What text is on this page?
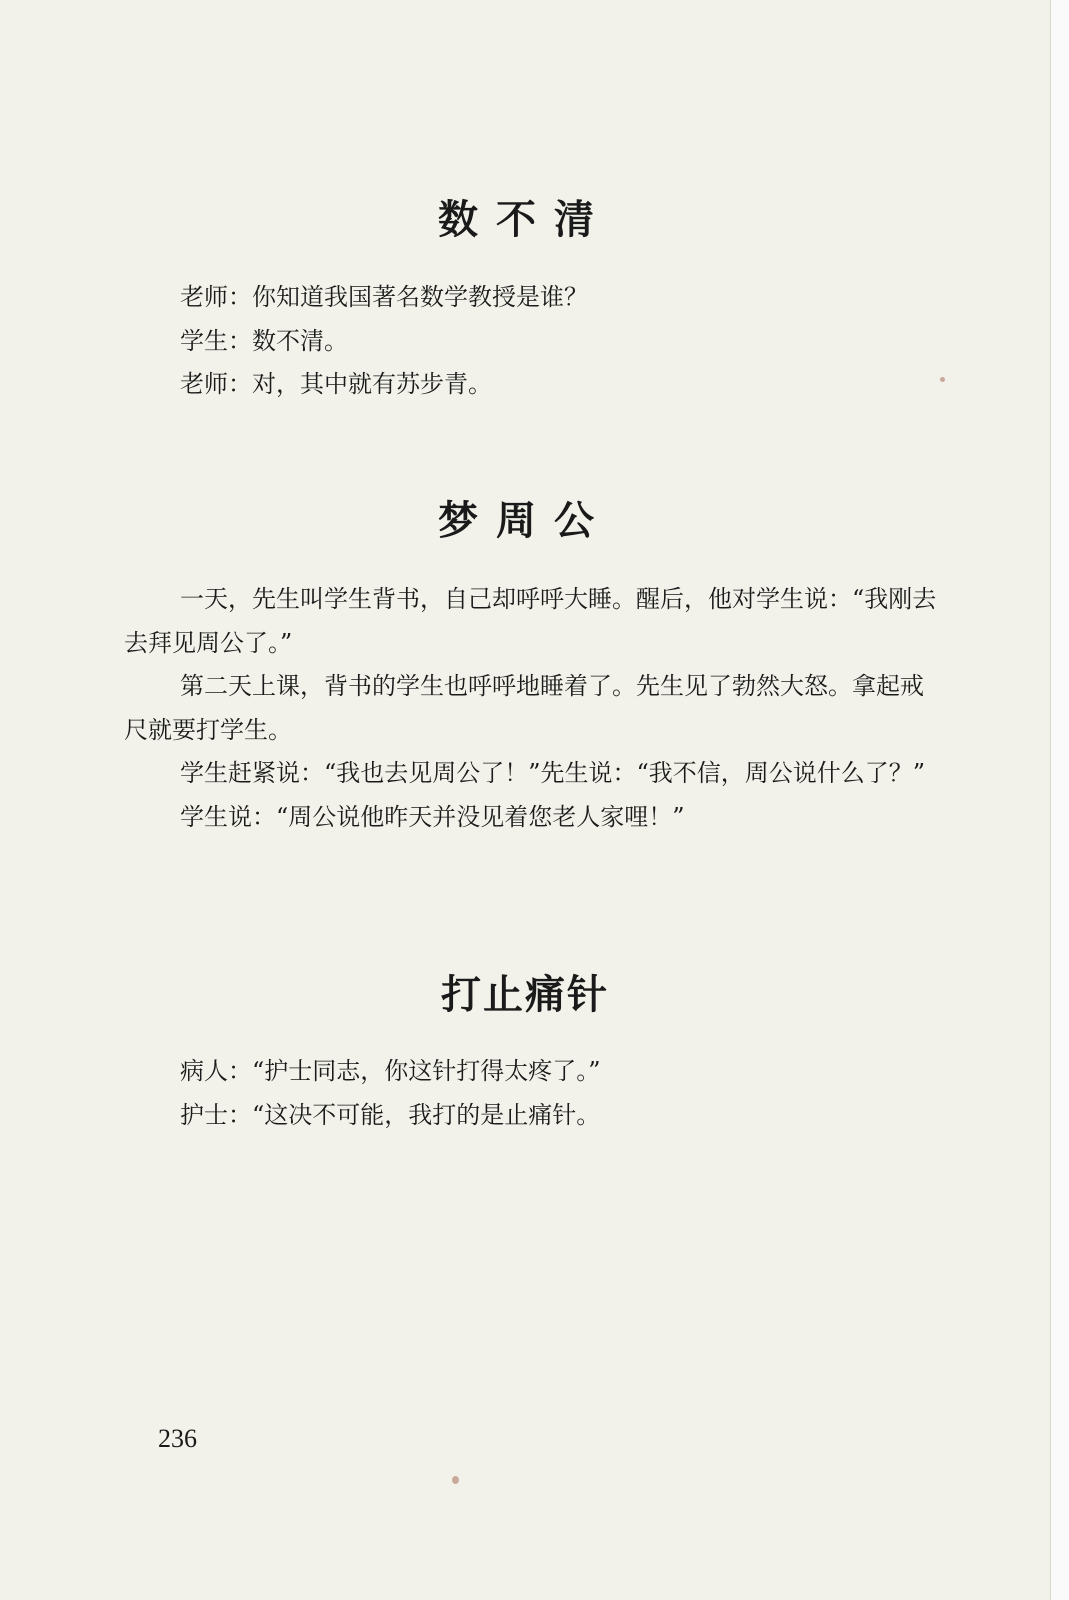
数不清

老师：你知道我国著名数学教授是谁？

学生：数不清。

老师：对，其中就有苏步青。

梦周公

一天，先生叫学生背书，自己却呼呼大睡。醒后，他对学生说：“我刚去去拜见周公了。”

第二天上课，背书的学生也呼呼地睡着了。先生见了勃然大怒。拿起戒尺就要打学生。

学生赶紧说：“我也去见周公了！”先生说：“我不信，周公说什么了？”

学生说：“周公说他昨天并没见着您老人家哩！”

打止痛针

病人：“护士同志，你这针打得太疼了。”

护士：“这决不可能，我打的是止痛针。

236
